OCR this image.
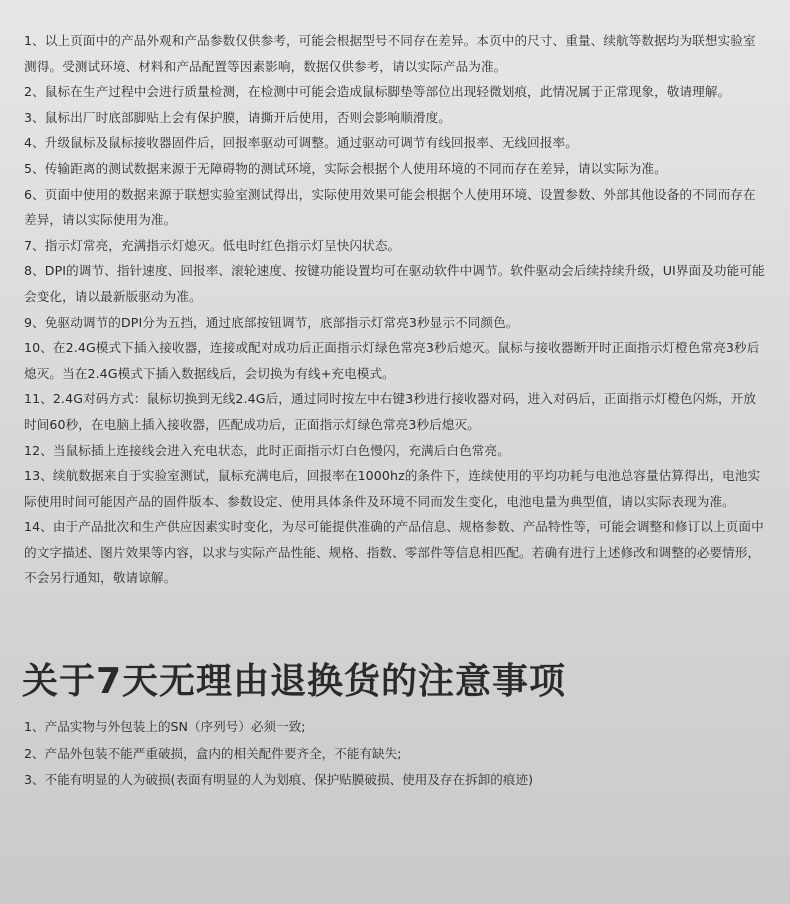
1、以上页面中的产品外观和产品参数仅供参考，可能会根据型号不同存在差异。本页中的尺寸、重量、续航等数据均为联想实验室测得。受测试环境、材料和产品配置等因素影响，数据仅供参考，请以实际产品为准。

2、鼠标在生产过程中会进行质量检测，在检测中可能会造成鼠标脚垫等部位出现轻微划痕，此情况属于正常现象，敬请理解。

3、鼠标出厂时底部脚贴上会有保护膜，请撕开后使用，否则会影响顺滑度。

4、升级鼠标及鼠标接收器固件后，回报率驱动可调整。通过驱动可调节有线回报率、无线回报率。

5、传输距离的测试数据来源于无障碍物的测试环境，实际会根据个人使用环境的不同而存在差异，请以实际为准。

6、页面中使用的数据来源于联想实验室测试得出，实际使用效果可能会根据个人使用环境、设置参数、外部其他设备的不同而存在差异，请以实际使用为准。

7、指示灯常亮，充满指示灯熄灭。低电时红色指示灯呈快闪状态。

8、DPI的调节、指针速度、回报率、滚轮速度、按键功能设置均可在驱动软件中调节。软件驱动会后续持续升级，UI界面及功能可能会变化，请以最新版驱动为准。

9、免驱动调节的DPI分为五挡，通过底部按钮调节，底部指示灯常亮3秒显示不同颜色。

10、在2.4G模式下插入接收器，连接或配对成功后正面指示灯绿色常亮3秒后熄灭。鼠标与接收器断开时正面指示灯橙色常亮3秒后熄灭。当在2.4G模式下插入数据线后，会切换为有线+充电模式。

11、2.4G对码方式：鼠标切换到无线2.4G后，通过同时按左中右键3秒进行接收器对码，进入对码后，正面指示灯橙色闪烁，开放时间60秒，在电脑上插入接收器，匹配成功后，正面指示灯绿色常亮3秒后熄灭。

12、当鼠标插上连接线会进入充电状态，此时正面指示灯白色慢闪，充满后白色常亮。

13、续航数据来自于实验室测试，鼠标充满电后，回报率在1000hz的条件下，连续使用的平均功耗与电池总容量估算得出，电池实际使用时间可能因产品的固件版本、参数设定、使用具体条件及环境不同而发生变化，电池电量为典型值，请以实际表现为准。

14、由于产品批次和生产供应因素实时变化，为尽可能提供准确的产品信息、规格参数、产品特性等，可能会调整和修订以上页面中的文字描述、图片效果等内容，以求与实际产品性能、规格、指数、零部件等信息相匹配。若确有进行上述修改和调整的必要情形，不会另行通知，敬请谅解。

关于7天无理由退换货的注意事项

1、产品实物与外包装上的SN（序列号）必须一致;

2、产品外包装不能严重破损，盒内的相关配件要齐全，不能有缺失;

3、不能有明显的人为破损(表面有明显的人为划痕、保护贴膜破损、使用及存在拆卸的痕迹)
